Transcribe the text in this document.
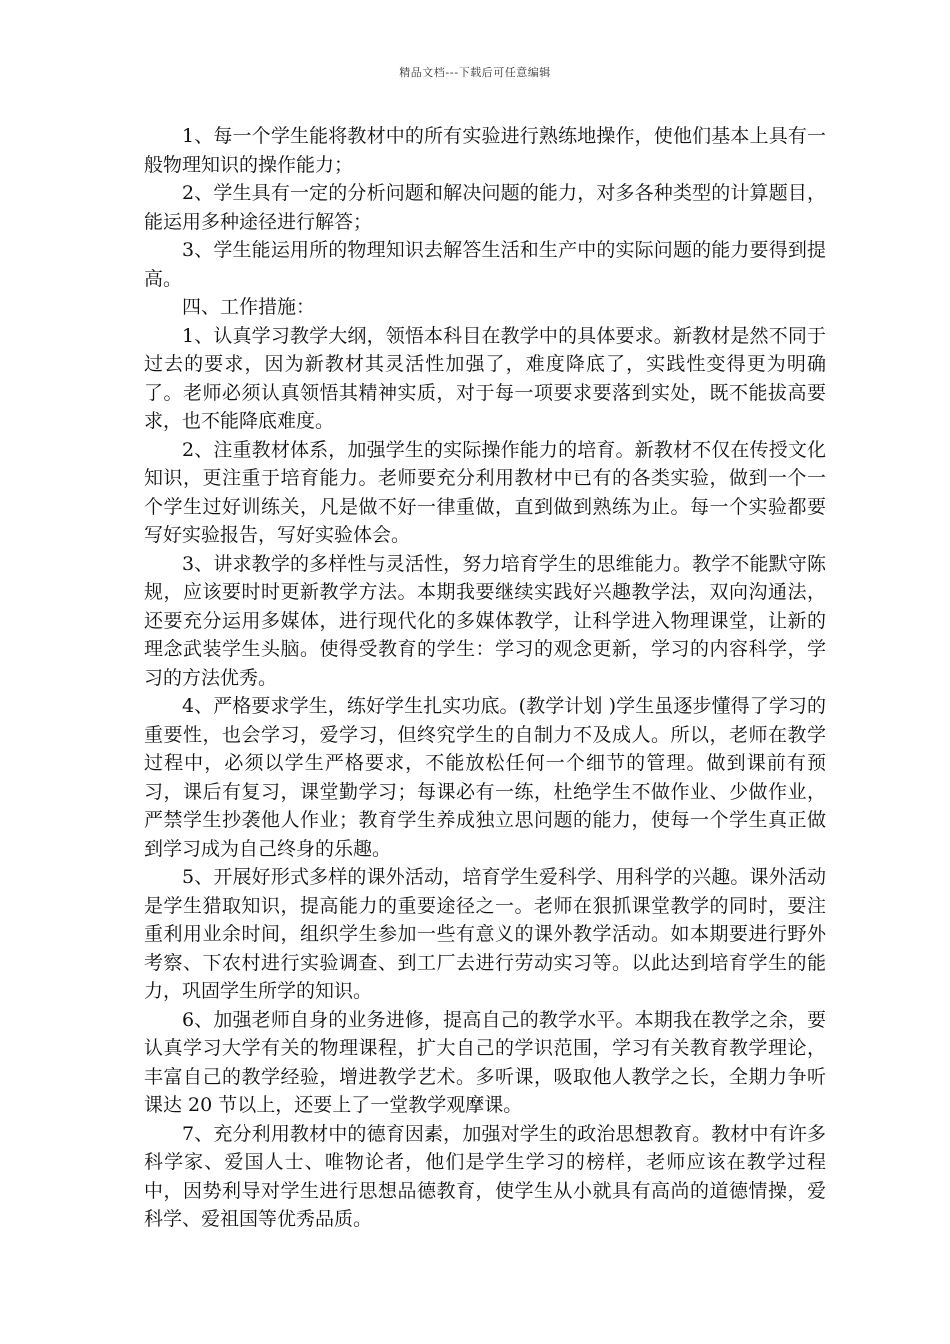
精品文档---下载后可任意编辑

1、每一个学生能将教材中的所有实验进行熟练地操作，使他们基本上具有一般物理知识的操作能力；

2、学生具有一定的分析问题和解决问题的能力，对多各种类型的计算题目，能运用多种途径进行解答；

3、学生能运用所的物理知识去解答生活和生产中的实际问题的能力要得到提高。

四、工作措施：

1、认真学习教学大纲，领悟本科目在教学中的具体要求。新教材是然不同于过去的要求，因为新教材其灵活性加强了，难度降底了，实践性变得更为明确了。老师必须认真领悟其精神实质，对于每一项要求要落到实处，既不能拔高要求，也不能降底难度。

2、注重教材体系，加强学生的实际操作能力的培育。新教材不仅在传授文化知识，更注重于培育能力。老师要充分利用教材中已有的各类实验，做到一个一个学生过好训练关，凡是做不好一律重做，直到做到熟练为止。每一个实验都要写好实验报告，写好实验体会。

3、讲求教学的多样性与灵活性，努力培育学生的思维能力。教学不能默守陈规，应该要时时更新教学方法。本期我要继续实践好兴趣教学法，双向沟通法，还要充分运用多媒体，进行现代化的多媒体教学，让科学进入物理课堂，让新的理念武装学生头脑。使得受教育的学生：学习的观念更新，学习的内容科学，学习的方法优秀。

4、严格要求学生，练好学生扎实功底。(教学计划 )学生虽逐步懂得了学习的重要性，也会学习，爱学习，但终究学生的自制力不及成人。所以，老师在教学过程中，必须以学生严格要求，不能放松任何一个细节的管理。做到课前有预习，课后有复习，课堂勤学习；每课必有一练，杜绝学生不做作业、少做作业，严禁学生抄袭他人作业；教育学生养成独立思问题的能力，使每一个学生真正做到学习成为自己终身的乐趣。

5、开展好形式多样的课外活动，培育学生爱科学、用科学的兴趣。课外活动是学生猎取知识，提高能力的重要途径之一。老师在狠抓课堂教学的同时，要注重利用业余时间，组织学生参加一些有意义的课外教学活动。如本期要进行野外考察、下农村进行实验调查、到工厂去进行劳动实习等。以此达到培育学生的能力，巩固学生所学的知识。

6、加强老师自身的业务进修，提高自己的教学水平。本期我在教学之余，要认真学习大学有关的物理课程，扩大自己的学识范围，学习有关教育教学理论，丰富自己的教学经验，增进教学艺术。多听课，吸取他人教学之长，全期力争听课达 20 节以上，还要上了一堂教学观摩课。

7、充分利用教材中的德育因素，加强对学生的政治思想教育。教材中有许多科学家、爱国人士、唯物论者，他们是学生学习的榜样，老师应该在教学过程中，因势利导对学生进行思想品德教育，使学生从小就具有高尚的道德情操，爱科学、爱祖国等优秀品质。
